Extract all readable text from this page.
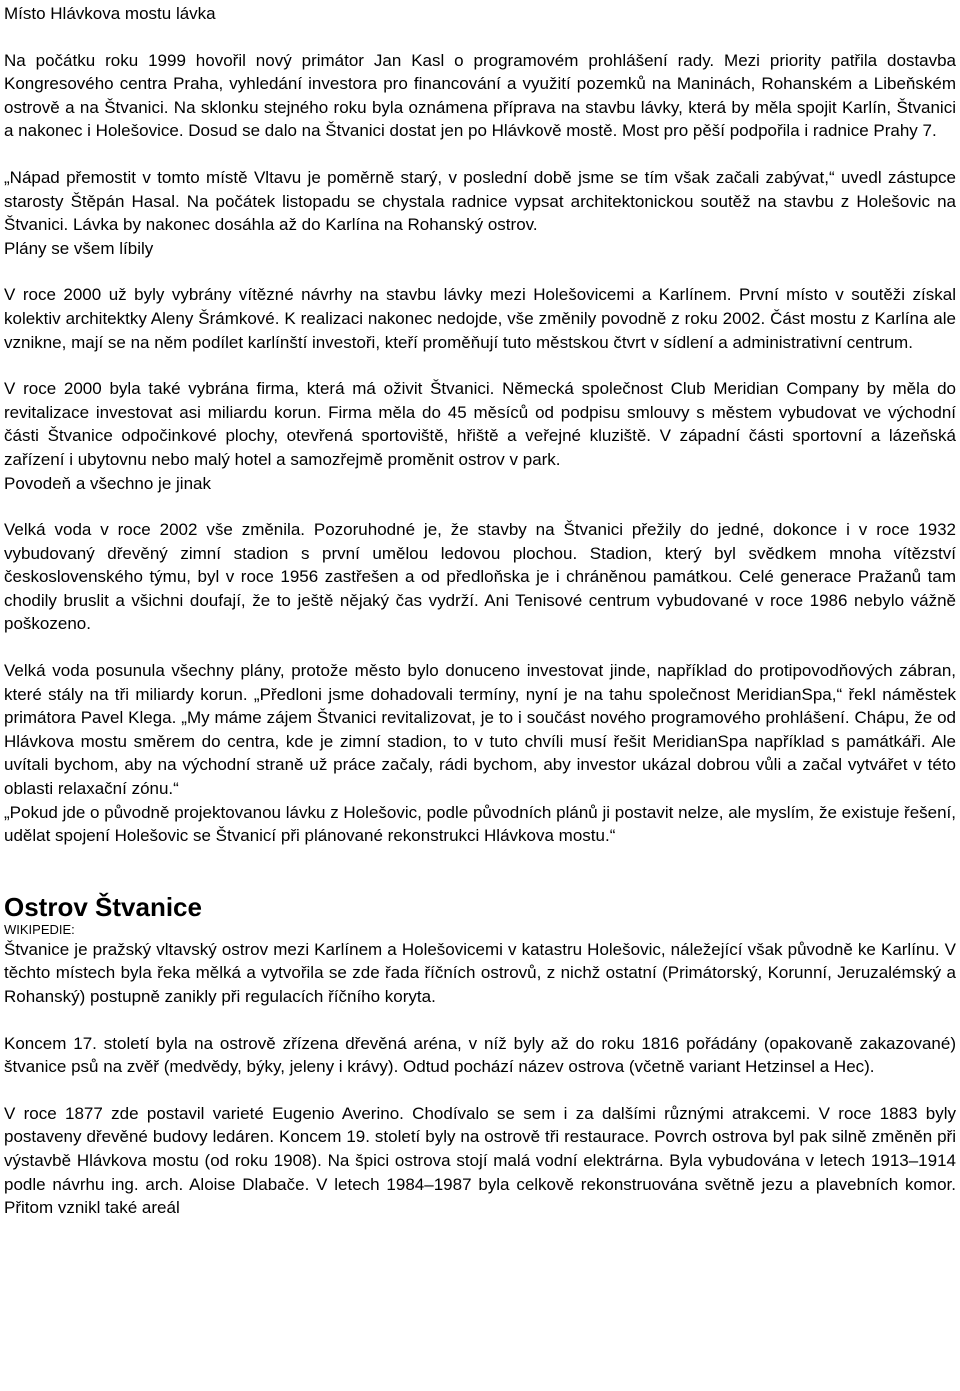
Místo Hlávkova mostu lávka

Na počátku roku 1999 hovořil nový primátor Jan Kasl o programovém prohlášení rady. Mezi priority patřila dostavba Kongresového centra Praha, vyhledání investora pro financování a využití pozemků na Maninách, Rohanském a Libeňském ostrově a na Štvanici. Na sklonku stejného roku byla oznámena příprava na stavbu lávky, která by měla spojit Karlín, Štvanici a nakonec i Holešovice. Dosud se dalo na Štvanici dostat jen po Hlávkově mostě. Most pro pěší podpořila i radnice Prahy 7.

„Nápad přemostit v tomto místě Vltavu je poměrně starý, v poslední době jsme se tím však začali zabývat,“ uvedl zástupce starosty Štěpán Hasal. Na počátek listopadu se chystala radnice vypsat architektonickou soutěž na stavbu z Holešovic na Štvanici. Lávka by nakonec dosáhla až do Karlína na Rohanský ostrov.

Plány se všem líbily

V roce 2000 už byly vybrány vítězné návrhy na stavbu lávky mezi Holešovicemi a Karlínem. První místo v soutěži získal kolektiv architektky Aleny Šrámkové. K realizaci nakonec nedojde, vše změnily povodně z roku 2002. Část mostu z Karlína ale vznikne, mají se na něm podílet karlínští investoři, kteří proměňují tuto městskou čtvrt v sídlení a administrativní centrum.

V roce 2000 byla také vybrána firma, která má oživit Štvanici. Německá společnost Club Meridian Company by měla do revitalizace investovat asi miliardu korun. Firma měla do 45 měsíců od podpisu smlouvy s městem vybudovat ve východní části Štvanice odpočinkové plochy, otevřená sportoviště, hřiště a veřejné kluziště. V západní části sportovní a lázeňská zařízení i ubytovnu nebo malý hotel a samozřejmě proměnit ostrov v park.

Povodeň a všechno je jinak

Velká voda v roce 2002 vše změnila. Pozoruhodné je, že stavby na Štvanici přežily do jedné, dokonce i v roce 1932 vybudovaný dřevěný zimní stadion s první umělou ledovou plochou. Stadion, který byl svědkem mnoha vítězství československého týmu, byl v roce 1956 zastřešen a od předloňska je i chráněnou památkou. Celé generace Pražanů tam chodily bruslit a všichni doufají, že to ještě nějaký čas vydrží. Ani Tenisové centrum vybudované v roce 1986 nebylo vážně poškozeno.

Velká voda posunula všechny plány, protože město bylo donuceno investovat jinde, například do protipovodňových zábran, které stály na tři miliardy korun. „Předloni jsme dohadovali termíny, nyní je na tahu společnost MeridianSpa,“ řekl náměstek primátora Pavel Klega. „My máme zájem Štvanici revitalizovat, je to i součást nového programového prohlášení. Chápu, že od Hlávkova mostu směrem do centra, kde je zimní stadion, to v tuto chvíli musí řešit MeridianSpa například s památkáři. Ale uvítali bychom, aby na východní straně už práce začaly, rádi bychom, aby investor ukázal dobrou vůli a začal vytvářet v této oblasti relaxační zónu.“

„Pokud jde o původně projektovanou lávku z Holešovic, podle původních plánů ji postavit nelze, ale myslím, že existuje řešení, udělat spojení Holešovic se Štvanicí při plánované rekonstrukci Hlávkova mostu.“

Ostrov Štvanice

WIKIPEDIE:

Štvanice je pražský vltavský ostrov mezi Karlínem a Holešovicemi v katastru Holešovic, náležející však původně ke Karlínu. V těchto místech byla řeka mělká a vytvořila se zde řada říčních ostrovů, z nichž ostatní (Primátorský, Korunní, Jeruzalémský a Rohanský) postupně zanikly při regulacích říčního koryta.

Koncem 17. století byla na ostrově zřízena dřevěná aréna, v níž byly až do roku 1816 pořádány (opakovaně zakazované) štvanice psů na zvěř (medvědy, býky, jeleny i krávy). Odtud pochází název ostrova (včetně variant Hetzinsel a Hec).

V roce 1877 zde postavil varieté Eugenio Averino. Chodívalo se sem i za dalšími různými atrakcemi. V roce 1883 byly postaveny dřevěné budovy ledáren. Koncem 19. století byly na ostrově tři restaurace. Povrch ostrova byl pak silně změněn při výstavbě Hlávkova mostu (od roku 1908). Na špici ostrova stojí malá vodní elektrárna. Byla vybudována v letech 1913–1914 podle návrhu ing. arch. Aloise Dlabače. V letech 1984–1987 byla celkově rekonstruována světně jezu a plavebních komor. Přitom vznikl také areál
